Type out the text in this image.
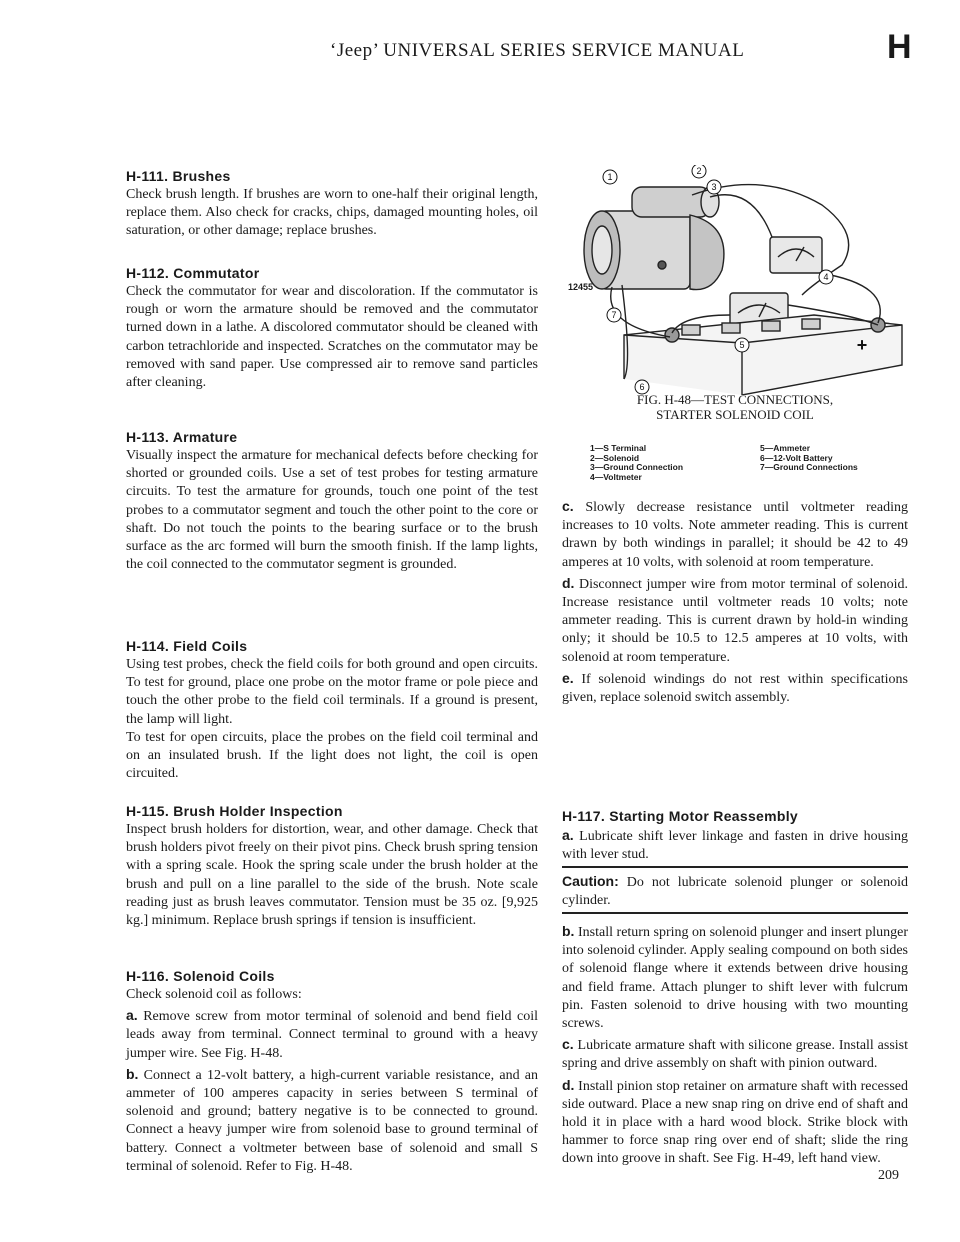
‘Jeep’ UNIVERSAL SERIES SERVICE MANUAL	H
H-111. Brushes

Check brush length. If brushes are worn to one-half their original length, replace them. Also check for cracks, chips, damaged mounting holes, oil saturation, or other damage; replace brushes.

H-112. Commutator

Check the commutator for wear and discoloration. If the commutator is rough or worn the armature should be removed and the commutator turned down in a lathe. A discolored commutator should be cleaned with carbon tetrachloride and inspected. Scratches on the commutator may be removed with sand paper. Use compressed air to remove sand particles after cleaning.

H-113. Armature

Visually inspect the armature for mechanical defects before checking for shorted or grounded coils. Use a set of test probes for testing armature circuits. To test the armature for grounds, touch one point of the test probes to a commutator segment and touch the other point to the core or shaft. Do not touch the points to the bearing surface or to the brush surface as the arc formed will burn the smooth finish. If the lamp lights, the coil connected to the commutator segment is grounded.

H-114. Field Coils

Using test probes, check the field coils for both ground and open circuits. To test for ground, place one probe on the motor frame or pole piece and touch the other probe to the field coil terminals. If a ground is present, the lamp will light.

To test for open circuits, place the probes on the field coil terminal and on an insulated brush. If the light does not light, the coil is open circuited.

H-115. Brush Holder Inspection

Inspect brush holders for distortion, wear, and other damage. Check that brush holders pivot freely on their pivot pins. Check brush spring tension with a spring scale. Hook the spring scale under the brush holder at the brush and pull on a line parallel to the side of the brush. Note scale reading just as brush leaves commutator. Tension must be 35 oz. [9,925 kg.] minimum. Replace brush springs if tension is insufficient.

H-116. Solenoid Coils

Check solenoid coil as follows:

a. Remove screw from motor terminal of solenoid and bend field coil leads away from terminal. Connect terminal to ground with a heavy jumper wire. See Fig. H-48.

b. Connect a 12-volt battery, a high-current variable resistance, and an ammeter of 100 amperes capacity in series between S terminal of solenoid and ground; battery negative is to be connected to ground. Connect a heavy jumper wire from solenoid base to ground terminal of battery. Connect a voltmeter between base of solenoid and small S terminal of solenoid. Refer to Fig. H-48.

1
2
3
4
5
6
7
+
12455
FIG. H-48—TEST CONNECTIONS,
STARTER SOLENOID COIL
1—S Terminal
2—Solenoid
3—Ground Connection
4—Voltmeter
5—Ammeter
6—12-Volt Battery
7—Ground Connections

c. Slowly decrease resistance until voltmeter reading increases to 10 volts. Note ammeter reading. This is current drawn by both windings in parallel; it should be 42 to 49 amperes at 10 volts, with solenoid at room temperature.

d. Disconnect jumper wire from motor terminal of solenoid. Increase resistance until voltmeter reads 10 volts; note ammeter reading. This is current drawn by hold-in winding only; it should be 10.5 to 12.5 amperes at 10 volts, with solenoid at room temperature.

e. If solenoid windings do not rest within specifications given, replace solenoid switch assembly.

H-117. Starting Motor Reassembly

a. Lubricate shift lever linkage and fasten in drive housing with lever stud.

Caution: Do not lubricate solenoid plunger or solenoid cylinder.

b. Install return spring on solenoid plunger and insert plunger into solenoid cylinder. Apply sealing compound on both sides of solenoid flange where it extends between drive housing and field frame. Attach plunger to shift lever with fulcrum pin. Fasten solenoid to drive housing with two mounting screws.

c. Lubricate armature shaft with silicone grease. Install assist spring and drive assembly on shaft with pinion outward.

d. Install pinion stop retainer on armature shaft with recessed side outward. Place a new snap ring on drive end of shaft and hold it in place with a hard wood block. Strike block with hammer to force snap ring over end of shaft; slide the ring down into groove in shaft. See Fig. H-49, left hand view.

209
